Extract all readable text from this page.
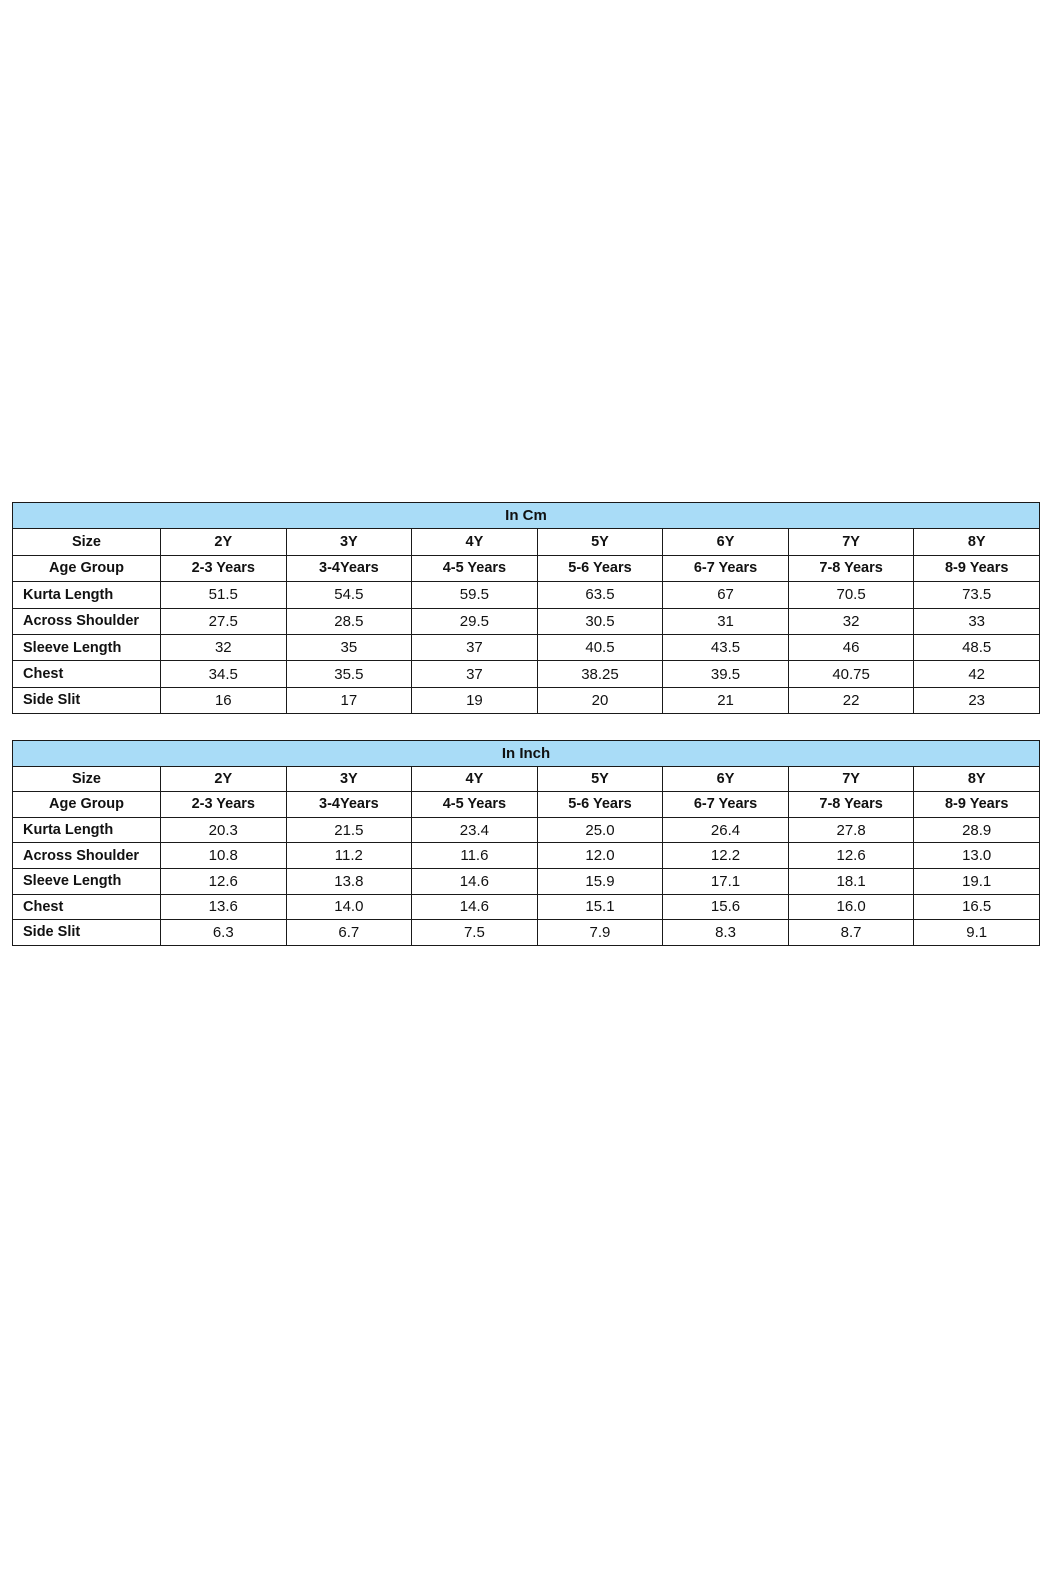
In Cm							
Size	2Y	3Y	4Y	5Y	6Y	7Y	8Y
Age Group	2-3 Years	3-4Years	4-5 Years	5-6 Years	6-7 Years	7-8 Years	8-9 Years
Kurta Length	51.5	54.5	59.5	63.5	67	70.5	73.5
Across Shoulder	27.5	28.5	29.5	30.5	31	32	33
Sleeve Length	32	35	37	40.5	43.5	46	48.5
Chest	34.5	35.5	37	38.25	39.5	40.75	42
Side Slit	16	17	19	20	21	22	23
In Inch							
Size	2Y	3Y	4Y	5Y	6Y	7Y	8Y
Age Group	2-3 Years	3-4Years	4-5 Years	5-6 Years	6-7 Years	7-8 Years	8-9 Years
Kurta Length	20.3	21.5	23.4	25.0	26.4	27.8	28.9
Across Shoulder	10.8	11.2	11.6	12.0	12.2	12.6	13.0
Sleeve Length	12.6	13.8	14.6	15.9	17.1	18.1	19.1
Chest	13.6	14.0	14.6	15.1	15.6	16.0	16.5
Side Slit	6.3	6.7	7.5	7.9	8.3	8.7	9.1
